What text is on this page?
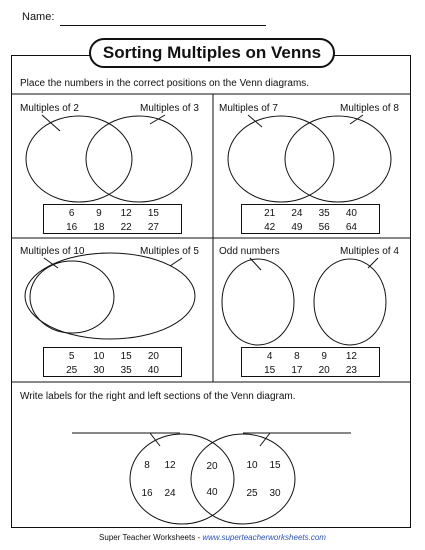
Name:
Sorting Multiples on Venns
Place the numbers in the correct positions on the Venn diagrams.
Multiples of 2	Multiples of 3
6	9	12	15
16	18	22	27
Multiples of 7	Multiples of 8
21	24	35	40
42	49	56	64
Multiples of 10	Multiples of 5
5	10	15	20
25	30	35	40
Odd numbers	Multiples of 4
4	8	9	12
15	17	20	23
Write labels for the right and left sections of the Venn diagram.
8	12
16	24
20
40
10	15
25	30
Super Teacher Worksheets - www.superteacherworksheets.com
